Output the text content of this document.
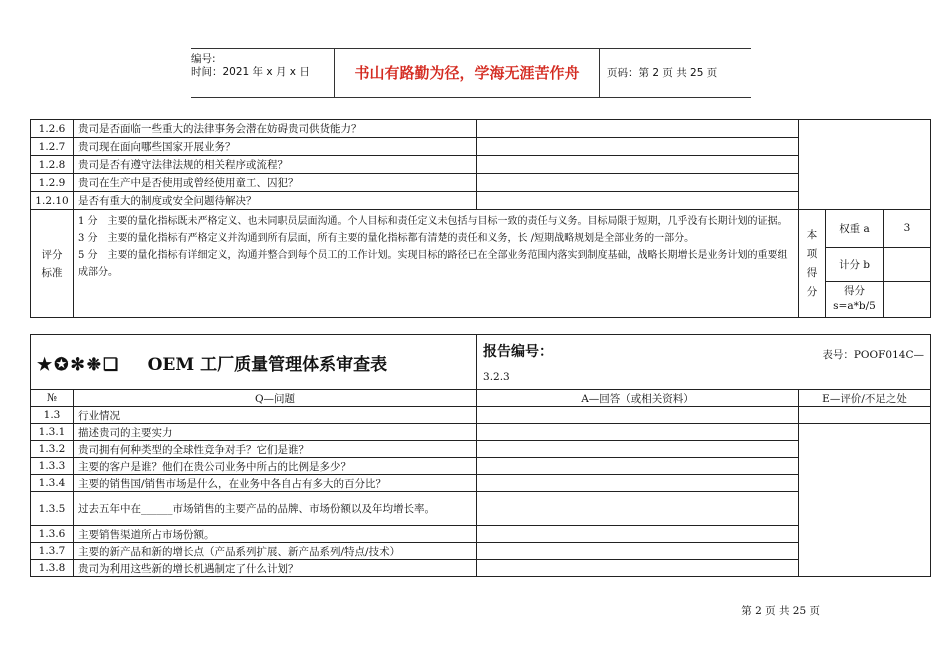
编号:
时间：2021 年 x 月 x 日	书山有路勤为径，学海无涯苦作舟	页码：第 2 页 共 25 页
1.2.6	贵司是否面临一些重大的法律事务会潜在妨碍贵司供货能力？		
1.2.7	贵司现在面向哪些国家开展业务？	
1.2.8	贵司是否有遵守法律法规的相关程序或流程？	
1.2.9	贵司在生产中是否使用或曾经使用童工、囚犯？	
1.2.10	是否有重大的制度或安全问题待解决？	
评分标准	
1 分　主要的量化指标既未严格定义、也未同职员层面沟通。个人目标和责任定义未包括与目标一致的责任与义务。目标局限于短期，几乎没有长期计划的证据。
3 分　主要的量化指标有严格定义并沟通到所有层面，所有主要的量化指标都有清楚的责任和义务，长 /短期战略规划是全部业务的一部分。
5 分　主要的量化指标有详细定义，沟通并整合到每个员工的工作计划。实现目标的路径已在全部业务范围内落实到制度基础，战略长期增长是业务计划的重要组成部分。

本项得分	权重 a	3
计分 b	

得分
s=a*b/5

★✪✻❉❏ OEM 工厂质量管理体系审查表		报告编号： 表号：POOF014C—
3.2.3	

№	Q—问题	A—回答（或相关资料）	E—评价/不足之处
1.3	行业情况		
1.3.1	描述贵司的主要实力		
1.3.2	贵司拥有何种类型的全球性竞争对手？它们是谁？		
1.3.3	主要的客户是谁？他们在贵公司业务中所占的比例是多少？		
1.3.4	主要的销售国/销售市场是什么，在业务中各自占有多大的百分比？		
1.3.5	过去五年中在______市场销售的主要产品的品牌、市场份额以及年均增长率。		
1.3.6	主要销售渠道所占市场份额。		
1.3.7	主要的新产品和新的增长点（产品系列扩展、新产品系列/特点/技术）		
1.3.8	贵司为利用这些新的增长机遇制定了什么计划？		
第 2 页 共 25 页
